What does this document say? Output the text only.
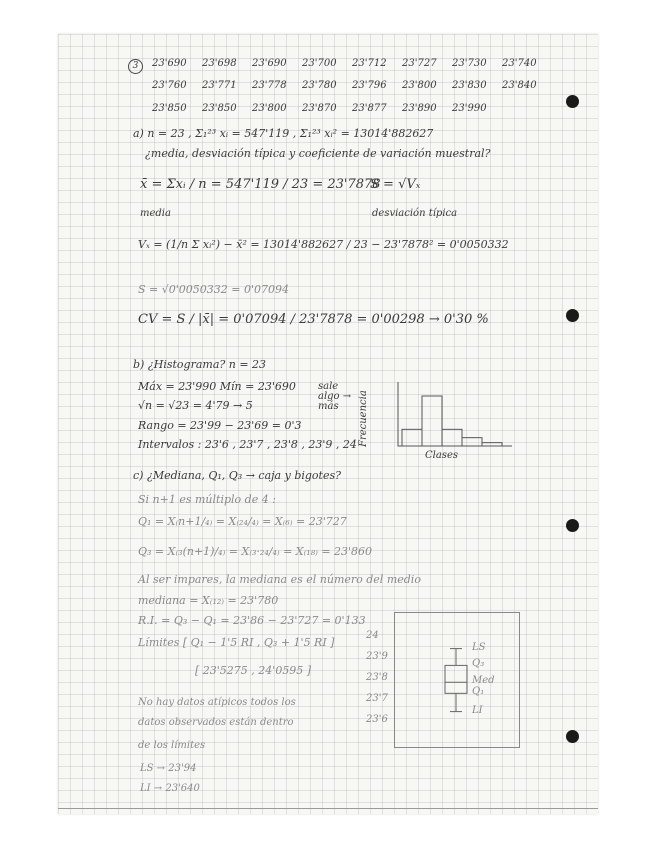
3	23'690 23'698 23'690 23'700 23'712 23'727 23'730 23'740
23'760 23'771 23'778 23'780 23'796 23'800 23'830 23'840
23'850 23'850 23'800 23'870 23'877 23'890 23'990
a) n = 23 , Σ₁²³ xᵢ = 547'119 , Σ₁²³ xᵢ² = 13014'882627
¿media, desviación típica y coeficiente de variación muestral?
x̄ = Σxᵢ / n = 547'119 / 23 = 23'7878
S = √Vₓ
media	desviación típica
Vₓ = (1/n Σ xᵢ²) − x̄² = 13014'882627 / 23 − 23'7878² = 0'0050332
S = √0'0050332 = 0'07094
CV = S / |x̄| = 0'07094 / 23'7878 = 0'00298 → 0'30 %
b) ¿Histograma? n = 23
Máx = 23'990 Mín = 23'690
√n = √23 = 4'79 → 5
Rango = 23'99 − 23'69 = 0'3
Intervalos : 23'6 , 23'7 , 23'8 , 23'9 , 24
sale algo → más	Frecuencia
Clases
c) ¿Mediana, Q₁, Q₃ → caja y bigotes?
Si n+1 es múltiplo de 4 :
Q₁ = X₍n+1/₄₎ = X₍₂₄/₄₎ = X₍₆₎ = 23'727
Q₃ = X₍₃(n+1)/₄₎ = X₍₃·₂₄/₄₎ = X₍₁₈₎ = 23'860
Al ser impares, la mediana es el número del medio
mediana = X₍₁₂₎ = 23'780
R.I. = Q₃ − Q₁ = 23'86 − 23'727 = 0'133
Límites [ Q₁ − 1'5 RI , Q₃ + 1'5 RI ]
[ 23'5275 , 24'0595 ]
No hay datos atípicos todos los
datos observados están dentro
de los límites
LS → 23'94
LI → 23'640
24
23'9
23'8
23'7
23'6
LS
Q₃
Med
Q₁
LI
